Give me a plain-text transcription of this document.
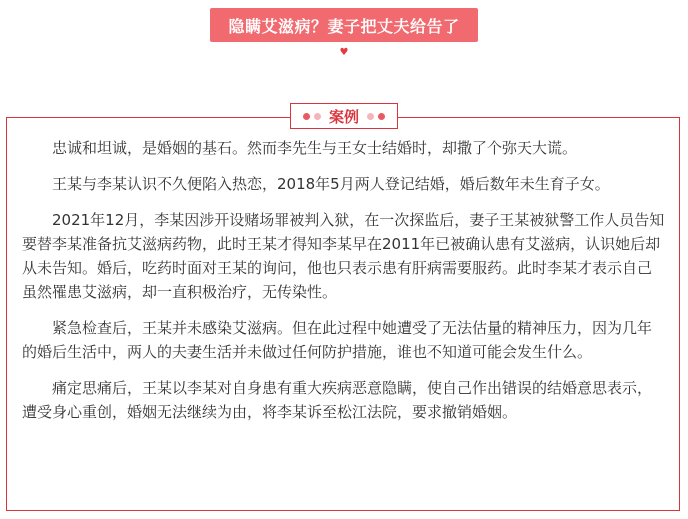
隐瞒艾滋病？妻子把丈夫给告了
♥
案例

忠诚和坦诚，是婚姻的基石。然而李先生与王女士结婚时，却撒了个弥天大谎。

王某与李某认识不久便陷入热恋，2018年5月两人登记结婚，婚后数年未生育子女。

2021年12月，李某因涉开设赌场罪被判入狱，在一次探监后，妻子王某被狱警工作人员告知要替李某准备抗艾滋病药物，此时王某才得知李某早在2011年已被确认患有艾滋病，认识她后却从未告知。婚后，吃药时面对王某的询问，他也只表示患有肝病需要服药。此时李某才表示自己虽然罹患艾滋病，却一直积极治疗，无传染性。

紧急检查后，王某并未感染艾滋病。但在此过程中她遭受了无法估量的精神压力，因为几年的婚后生活中，两人的夫妻生活并未做过任何防护措施，谁也不知道可能会发生什么。

痛定思痛后，王某以李某对自身患有重大疾病恶意隐瞒，使自己作出错误的结婚意思表示，遭受身心重创，婚姻无法继续为由，将李某诉至松江法院，要求撤销婚姻。
